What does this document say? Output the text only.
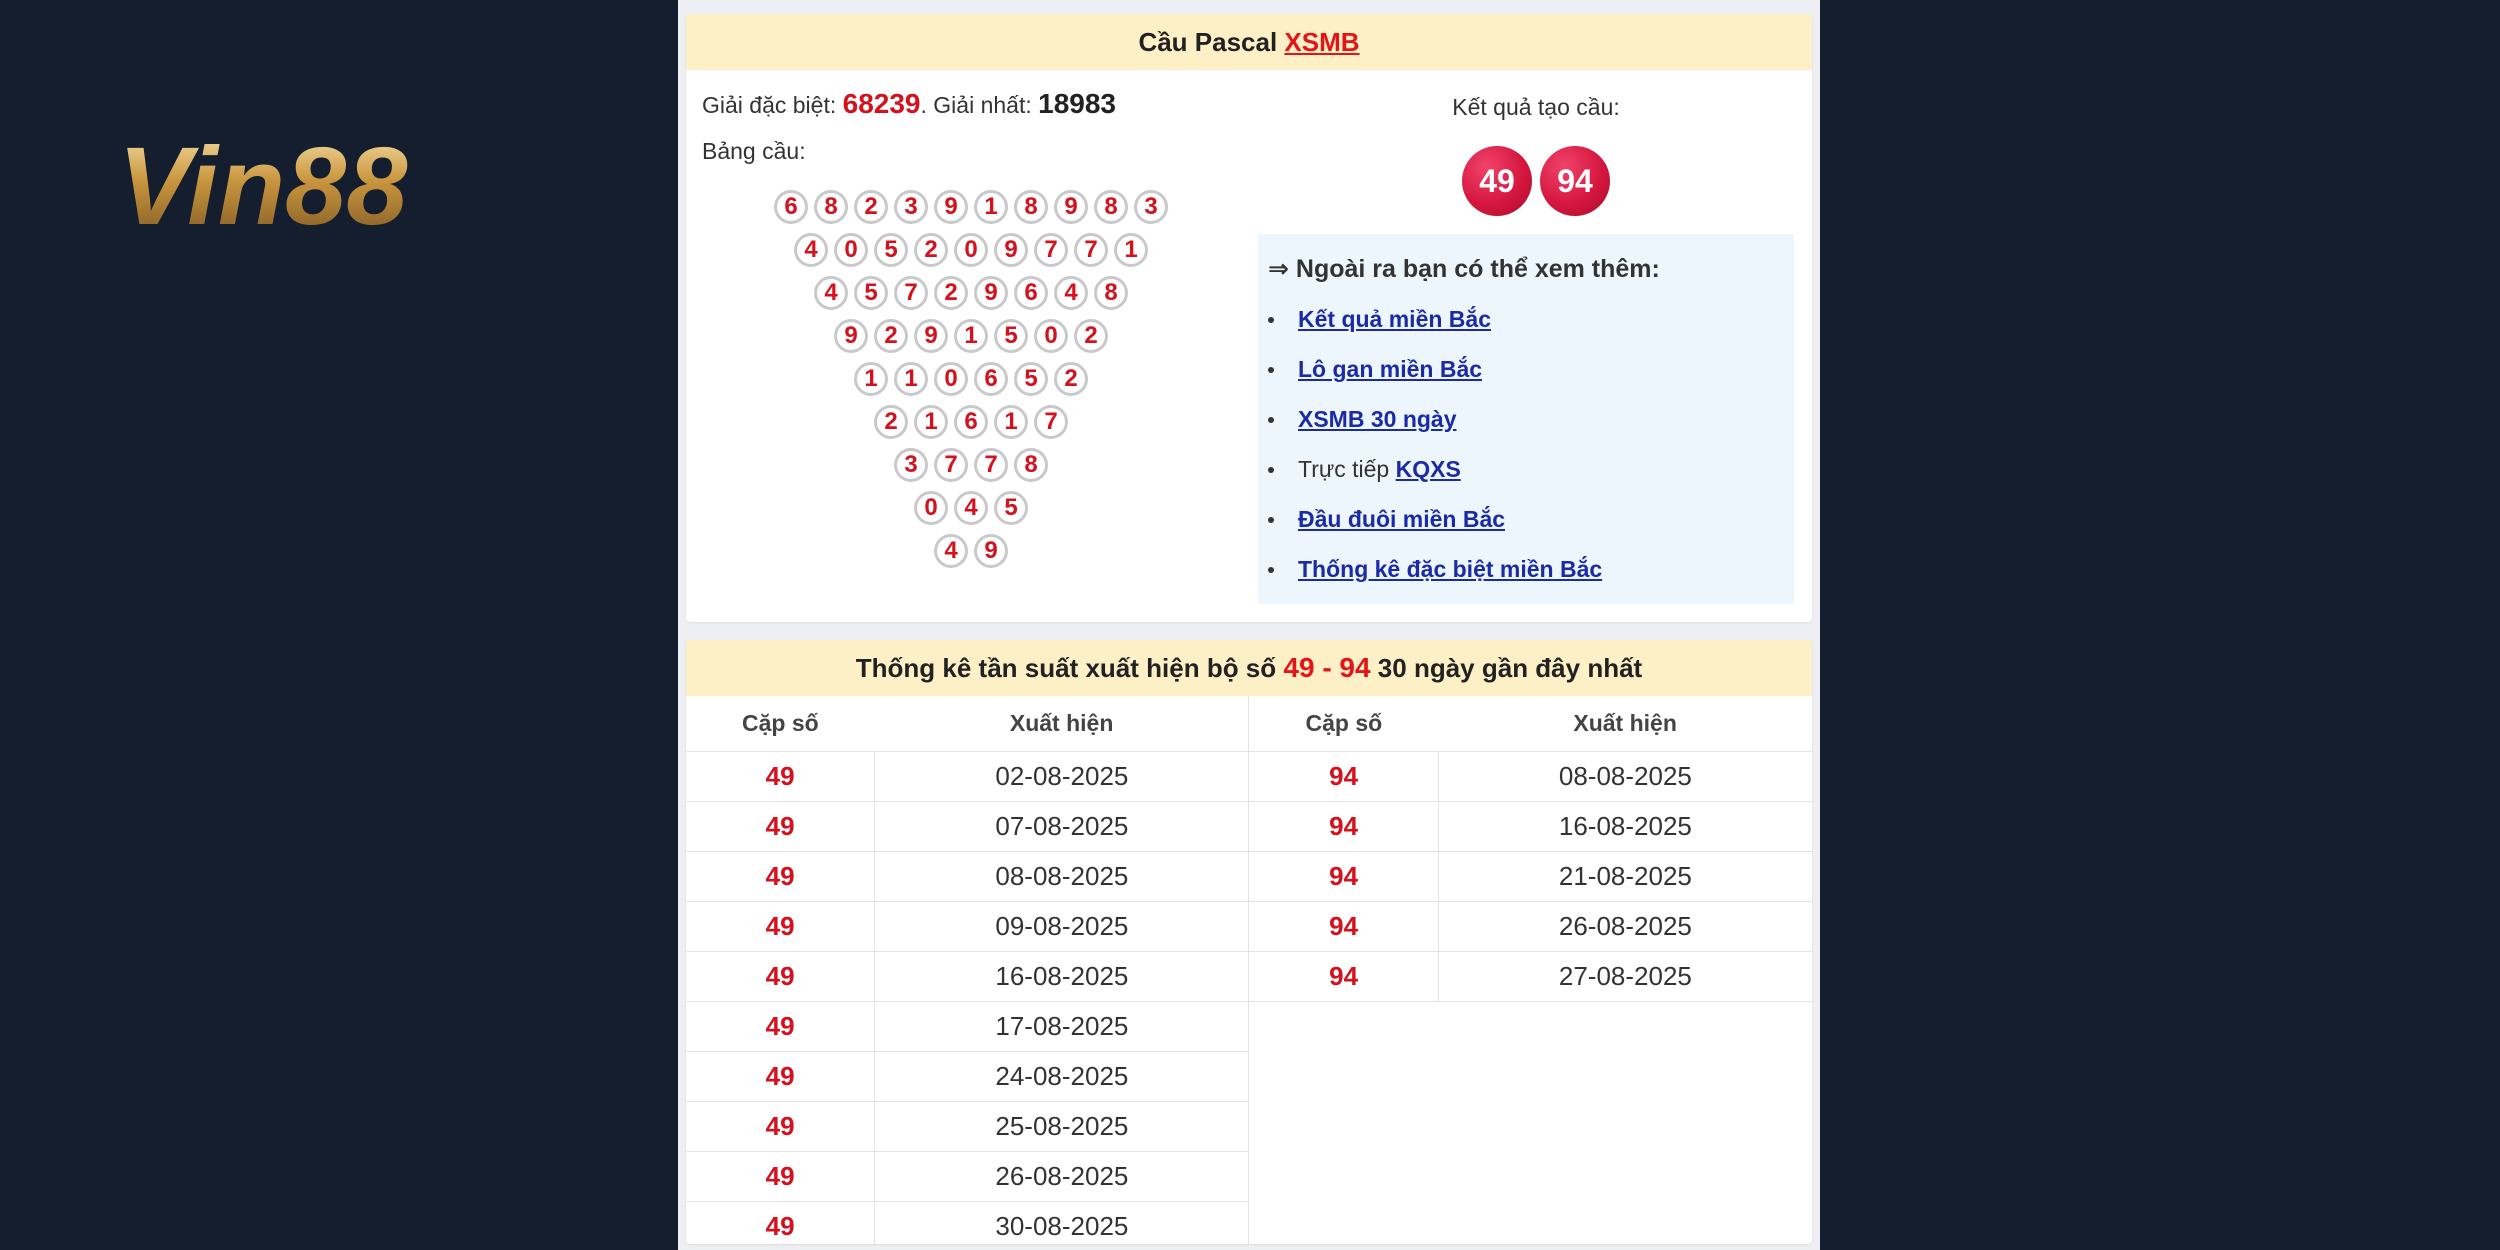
Vin88
Cầu Pascal XSMB
Giải đặc biệt: 68239. Giải nhất: 18983
Bảng cầu:
6	8	2	3	9	1	8	9	8	3
4	0	5	2	0	9	7	7	1
4	5	7	2	9	6	4	8
9	2	9	1	5	0	2
1	1	0	6	5	2
2	1	6	1	7
3	7	7	8
0	4	5
4	9
Kết quả tạo cầu:
49	94
⇒ Ngoài ra bạn có thể xem thêm:
Kết quả miền Bắc
Lô gan miền Bắc
XSMB 30 ngày
Trực tiếp KQXS
Đầu đuôi miền Bắc
Thống kê đặc biệt miền Bắc
Thống kê tần suất xuất hiện bộ số 49 - 94 30 ngày gần đây nhất
Cặp số	Xuất hiện	Cặp số	Xuất hiện
49	02-08-2025	94	08-08-2025
49	07-08-2025	94	16-08-2025
49	08-08-2025	94	21-08-2025
49	09-08-2025	94	26-08-2025
49	16-08-2025	94	27-08-2025
49	17-08-2025		
49	24-08-2025		
49	25-08-2025		
49	26-08-2025		
49	30-08-2025		
